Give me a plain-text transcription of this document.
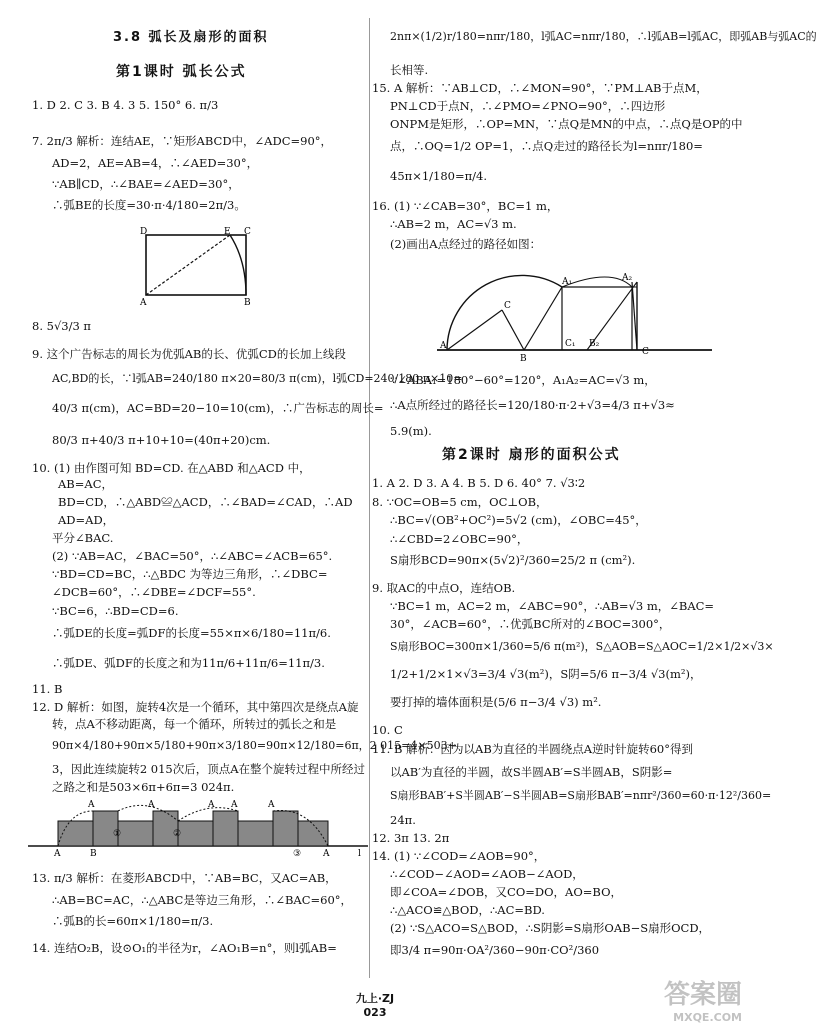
3.8 弧长及扇形的面积
第1课时 弧长公式
1. D 2. C 3. B 4. 3 5. 150° 6. π/3
7. 2π/3 解析：连结AE，∵矩形ABCD中，∠ADC=90°，
AD=2，AE=AB=4，∴∠AED=30°，
∵AB∥CD，∴∠BAE=∠AED=30°，
∴弧BE的长度=30·π·4/180=2π/3。
D	E C
A	B
8. 5√3/3 π
9. 这个广告标志的周长为优弧AB的长、优弧CD的长加上线段
AC,BD的长，∵l弧AB=240/180 π×20=80/3 π(cm)，l弧CD=240/180 π×10=
40/3 π(cm)，AC=BD=20−10=10(cm)，∴广告标志的周长=
80/3 π+40/3 π+10+10=(40π+20)cm.
10. (1) 由作图可知 BD=CD. 在△ABD 和△ACD 中，
AB=AC，
BD=CD，∴△ABD≌△ACD，∴∠BAD=∠CAD，∴AD
AD=AD，
平分∠BAC.
(2) ∵AB=AC，∠BAC=50°，∴∠ABC=∠ACB=65°.
∵BD=CD=BC，∴△BDC 为等边三角形，∴∠DBC=
∠DCB=60°，∴∠DBE=∠DCF=55°.
∵BC=6，∴BD=CD=6.
∴弧DE的长度=弧DF的长度=55×π×6/180=11π/6.
∴弧DE、弧DF的长度之和为11π/6+11π/6=11π/3.
11. B
12. D 解析：如图，旋转4次是一个循环，其中第四次是绕点A旋
转，点A不移动距离，每一个循环，所转过的弧长之和是
90π×4/180+90π×5/180+90π×3/180=90π×12/180=6π，2 015=4×503+
3，因此连续旋转2 015次后，顶点A在整个旋转过程中所经过
之路之和是503×6π+6π=3 024π.
A
A	A	A	A
A
A
B	l
①	②
③
13. π/3 解析：在菱形ABCD中，∵AB=BC，又AC=AB，
∴AB=BC=AC，∴△ABC是等边三角形，∴∠BAC=60°，
∴弧B的长=60π×1/180=π/3.
14. 连结O₂B，设⊙O₁的半径为r，∠AO₁B=n°，则l弧AB=
2nπ×(1/2)r/180=nπr/180，l弧AC=nπr/180，∴l弧AB=l弧AC，即弧AB与弧AC的
长相等.
15. A 解析：∵AB⊥CD，∴∠MON=90°，∵PM⊥AB于点M，
PN⊥CD于点N，∴∠PMO=∠PNO=90°，∴四边形
ONPM是矩形，∴OP=MN，∵点Q是MN的中点，∴点Q是OP的中
点，∴OQ=1/2 OP=1，∴点Q走过的路径长为l=nπr/180=
45π×1/180=π/4.
16. (1) ∵∠CAB=30°，BC=1 m，
∴AB=2 m，AC=√3 m.
(2)画出A点经过的路径如图：
A₁	A₂
C
B
C₁ B₂
C
A
∵∠ABA₁=180°−60°=120°，A₁A₂=AC=√3 m，
∴A点所经过的路径长=120/180·π·2+√3=4/3 π+√3≈
5.9(m).
第2课时 扇形的面积公式
1. A 2. D 3. A 4. B 5. D 6. 40° 7. √3∶2
8. ∵OC=OB=5 cm，OC⊥OB，
∴BC=√(OB²+OC²)=5√2 (cm)，∠OBC=45°，
∴∠CBD=2∠OBC=90°，
S扇形BCD=90π×(5√2)²/360=25/2 π (cm²).
9. 取AC的中点O，连结OB.
∵BC=1 m，AC=2 m，∠ABC=90°，∴AB=√3 m，∠BAC=
30°，∠ACB=60°，∴优弧BC所对的∠BOC=300°，
S扇形BOC=300π×1/360=5/6 π(m²)，S△AOB=S△AOC=1/2×1/2×√3×
1/2+1/2×1×√3=3/4 √3(m²)，S阴=5/6 π−3/4 √3(m²)，
要打掉的墙体面积是(5/6 π−3/4 √3) m².
10. C
11. B 解析：因为以AB为直径的半圆绕点A逆时针旋转60°得到
以AB′为直径的半圆，故S半圆AB′=S半圆AB，S阴影=
S扇形BAB′+S半圆AB′−S半圆AB=S扇形BAB′=nπr²/360=60·π·12²/360=
24π.
12. 3π 13. 2π
14. (1) ∵∠COD=∠AOB=90°，
∴∠COD−∠AOD=∠AOB−∠AOD，
即∠COA=∠DOB，又CO=DO，AO=BO，
∴△ACO≌△BOD，∴AC=BD.
(2) ∵S△ACO=S△BOD，∴S阴影=S扇形OAB−S扇形OCD，
即3/4 π=90π·OA²/360−90π·CO²/360
九上·ZJ
023
答案圈
MXQE.COM
